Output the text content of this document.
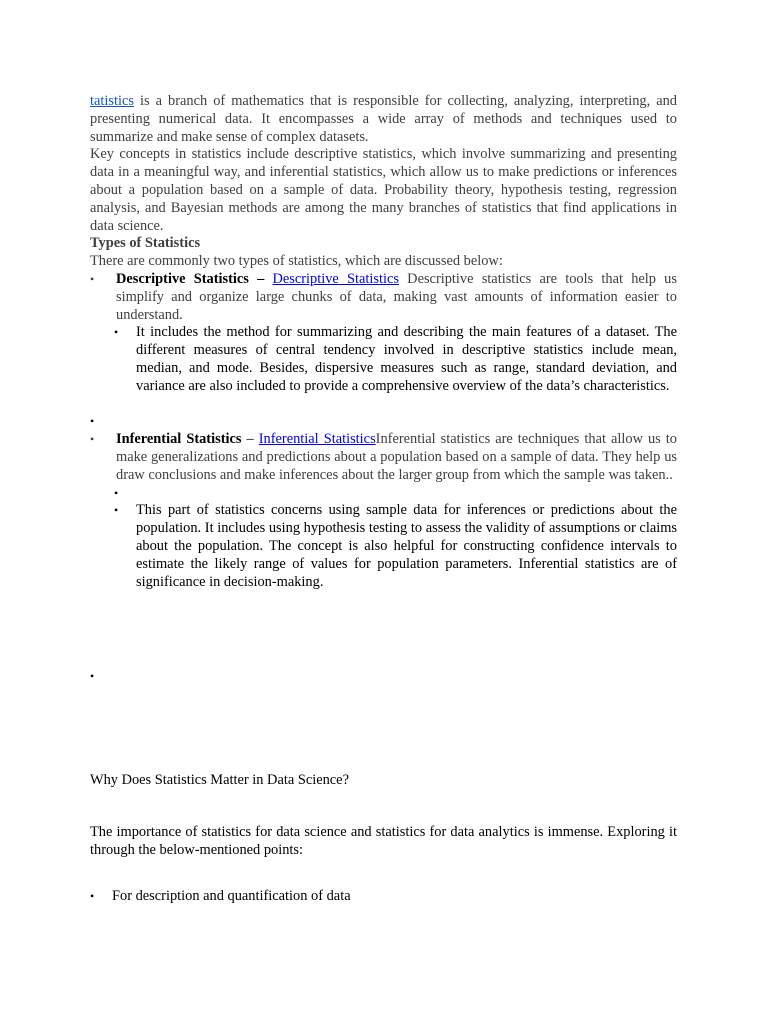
tatistics is a branch of mathematics that is responsible for collecting, analyzing, interpreting, and presenting numerical data. It encompasses a wide array of methods and techniques used to summarize and make sense of complex datasets.

Key concepts in statistics include descriptive statistics, which involve summarizing and presenting data in a meaningful way, and inferential statistics, which allow us to make predictions or inferences about a population based on a sample of data. Probability theory, hypothesis testing, regression analysis, and Bayesian methods are among the many branches of statistics that find applications in data science.

Types of Statistics

There are commonly two types of statistics, which are discussed below:

• Descriptive Statistics – Descriptive Statistics Descriptive statistics are tools that help us simplify and organize large chunks of data, making vast amounts of information easier to understand.
• It includes the method for summarizing and describing the main features of a dataset. The different measures of central tendency involved in descriptive statistics include mean, median, and mode. Besides, dispersive measures such as range, standard deviation, and variance are also included to provide a comprehensive overview of the data’s characteristics.
•

• Inferential Statistics – Inferential StatisticsInferential statistics are techniques that allow us to make generalizations and predictions about a population based on a sample of data. They help us draw conclusions and make inferences about the larger group from which the sample was taken..
•

• This part of statistics concerns using sample data for inferences or predictions about the population. It includes using hypothesis testing to assess the validity of assumptions or claims about the population. The concept is also helpful for constructing confidence intervals to estimate the likely range of values for population parameters. Inferential statistics are of significance in decision-making.
•
Why Does Statistics Matter in Data Science?

The importance of statistics for data science and statistics for data analytics is immense. Exploring it through the below-mentioned points:

• For description and quantification of data
